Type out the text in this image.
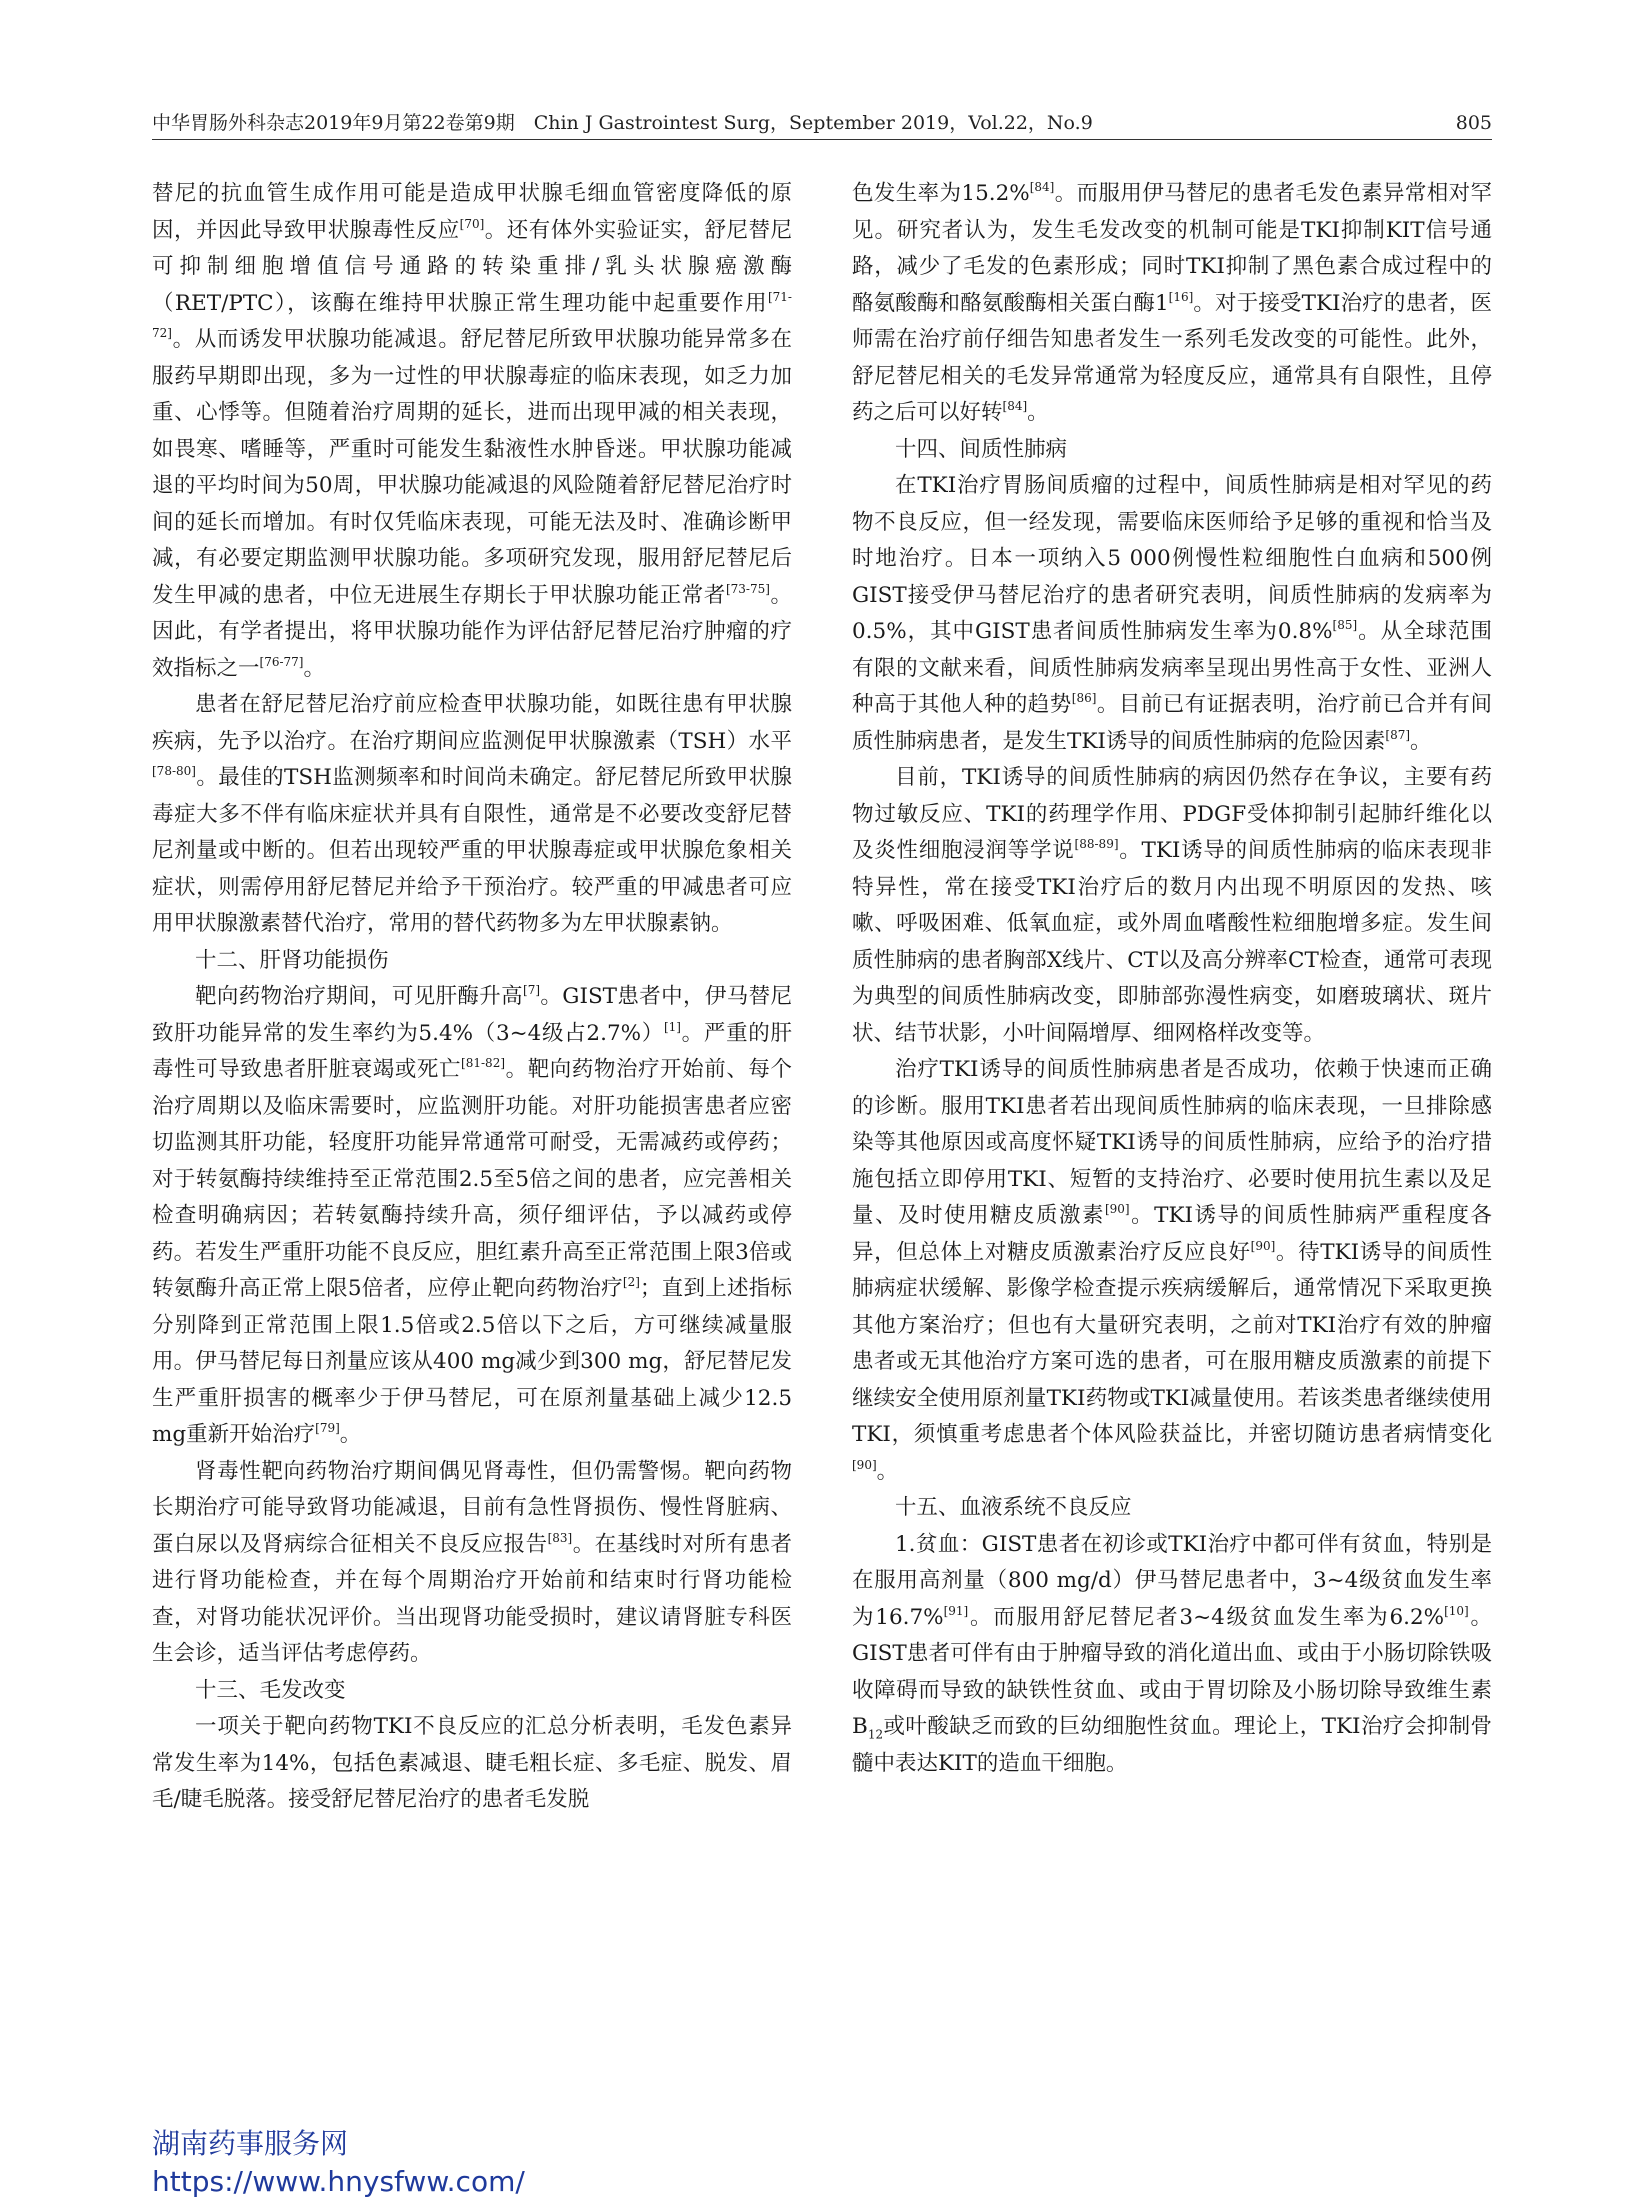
中华胃肠外科杂志2019年9月第22卷第9期　Chin J Gastrointest Surg，September 2019，Vol.22，No.9	805

替尼的抗血管生成作用可能是造成甲状腺毛细血管密度降低的原因，并因此导致甲状腺毒性反应[70]。还有体外实验证实，舒尼替尼可抑制细胞增值信号通路的转染重排/乳头状腺癌激酶（RET/PTC），该酶在维持甲状腺正常生理功能中起重要作用[71-72]。从而诱发甲状腺功能减退。舒尼替尼所致甲状腺功能异常多在服药早期即出现，多为一过性的甲状腺毒症的临床表现，如乏力加重、心悸等。但随着治疗周期的延长，进而出现甲减的相关表现，如畏寒、嗜睡等，严重时可能发生黏液性水肿昏迷。甲状腺功能减退的平均时间为50周，甲状腺功能减退的风险随着舒尼替尼治疗时间的延长而增加。有时仅凭临床表现，可能无法及时、准确诊断甲减，有必要定期监测甲状腺功能。多项研究发现，服用舒尼替尼后发生甲减的患者，中位无进展生存期长于甲状腺功能正常者[73-75]。因此，有学者提出，将甲状腺功能作为评估舒尼替尼治疗肿瘤的疗效指标之一[76-77]。

患者在舒尼替尼治疗前应检查甲状腺功能，如既往患有甲状腺疾病，先予以治疗。在治疗期间应监测促甲状腺激素（TSH）水平[78-80]。最佳的TSH监测频率和时间尚未确定。舒尼替尼所致甲状腺毒症大多不伴有临床症状并具有自限性，通常是不必要改变舒尼替尼剂量或中断的。但若出现较严重的甲状腺毒症或甲状腺危象相关症状，则需停用舒尼替尼并给予干预治疗。较严重的甲减患者可应用甲状腺激素替代治疗，常用的替代药物多为左甲状腺素钠。

十二、肝肾功能损伤

靶向药物治疗期间，可见肝酶升高[7]。GIST患者中，伊马替尼致肝功能异常的发生率约为5.4%（3~4级占2.7%）[1]。严重的肝毒性可导致患者肝脏衰竭或死亡[81-82]。靶向药物治疗开始前、每个治疗周期以及临床需要时，应监测肝功能。对肝功能损害患者应密切监测其肝功能，轻度肝功能异常通常可耐受，无需减药或停药；对于转氨酶持续维持至正常范围2.5至5倍之间的患者，应完善相关检查明确病因；若转氨酶持续升高，须仔细评估，予以减药或停药。若发生严重肝功能不良反应，胆红素升高至正常范围上限3倍或转氨酶升高正常上限5倍者，应停止靶向药物治疗[2]；直到上述指标分别降到正常范围上限1.5倍或2.5倍以下之后，方可继续减量服用。伊马替尼每日剂量应该从400 mg减少到300 mg，舒尼替尼发生严重肝损害的概率少于伊马替尼，可在原剂量基础上减少12.5 mg重新开始治疗[79]。

肾毒性靶向药物治疗期间偶见肾毒性，但仍需警惕。靶向药物长期治疗可能导致肾功能减退，目前有急性肾损伤、慢性肾脏病、蛋白尿以及肾病综合征相关不良反应报告[83]。在基线时对所有患者进行肾功能检查，并在每个周期治疗开始前和结束时行肾功能检查，对肾功能状况评价。当出现肾功能受损时，建议请肾脏专科医生会诊，适当评估考虑停药。

十三、毛发改变

一项关于靶向药物TKI不良反应的汇总分析表明，毛发色素异常发生率为14%，包括色素减退、睫毛粗长症、多毛症、脱发、眉毛/睫毛脱落。接受舒尼替尼治疗的患者毛发脱

色发生率为15.2%[84]。而服用伊马替尼的患者毛发色素异常相对罕见。研究者认为，发生毛发改变的机制可能是TKI抑制KIT信号通路，减少了毛发的色素形成；同时TKI抑制了黑色素合成过程中的酪氨酸酶和酪氨酸酶相关蛋白酶1[16]。对于接受TKI治疗的患者，医师需在治疗前仔细告知患者发生一系列毛发改变的可能性。此外，舒尼替尼相关的毛发异常通常为轻度反应，通常具有自限性，且停药之后可以好转[84]。

十四、间质性肺病

在TKI治疗胃肠间质瘤的过程中，间质性肺病是相对罕见的药物不良反应，但一经发现，需要临床医师给予足够的重视和恰当及时地治疗。日本一项纳入5 000例慢性粒细胞性白血病和500例GIST接受伊马替尼治疗的患者研究表明，间质性肺病的发病率为0.5%，其中GIST患者间质性肺病发生率为0.8%[85]。从全球范围有限的文献来看，间质性肺病发病率呈现出男性高于女性、亚洲人种高于其他人种的趋势[86]。目前已有证据表明，治疗前已合并有间质性肺病患者，是发生TKI诱导的间质性肺病的危险因素[87]。

目前，TKI诱导的间质性肺病的病因仍然存在争议，主要有药物过敏反应、TKI的药理学作用、PDGF受体抑制引起肺纤维化以及炎性细胞浸润等学说[88-89]。TKI诱导的间质性肺病的临床表现非特异性，常在接受TKI治疗后的数月内出现不明原因的发热、咳嗽、呼吸困难、低氧血症，或外周血嗜酸性粒细胞增多症。发生间质性肺病的患者胸部X线片、CT以及高分辨率CT检查，通常可表现为典型的间质性肺病改变，即肺部弥漫性病变，如磨玻璃状、斑片状、结节状影，小叶间隔增厚、细网格样改变等。

治疗TKI诱导的间质性肺病患者是否成功，依赖于快速而正确的诊断。服用TKI患者若出现间质性肺病的临床表现，一旦排除感染等其他原因或高度怀疑TKI诱导的间质性肺病，应给予的治疗措施包括立即停用TKI、短暂的支持治疗、必要时使用抗生素以及足量、及时使用糖皮质激素[90]。TKI诱导的间质性肺病严重程度各异，但总体上对糖皮质激素治疗反应良好[90]。待TKI诱导的间质性肺病症状缓解、影像学检查提示疾病缓解后，通常情况下采取更换其他方案治疗；但也有大量研究表明，之前对TKI治疗有效的肿瘤患者或无其他治疗方案可选的患者，可在服用糖皮质激素的前提下继续安全使用原剂量TKI药物或TKI减量使用。若该类患者继续使用TKI，须慎重考虑患者个体风险获益比，并密切随访患者病情变化[90]。

十五、血液系统不良反应

1.贫血：GIST患者在初诊或TKI治疗中都可伴有贫血，特别是在服用高剂量（800 mg/d）伊马替尼患者中，3~4级贫血发生率为16.7%[91]。而服用舒尼替尼者3~4级贫血发生率为6.2%[10]。GIST患者可伴有由于肿瘤导致的消化道出血、或由于小肠切除铁吸收障碍而导致的缺铁性贫血、或由于胃切除及小肠切除导致维生素$B_{12}$或叶酸缺乏而致的巨幼细胞性贫血。理论上，TKI治疗会抑制骨髓中表达KIT的造血干细胞。

湖南药事服务网
https://www.hnysfww.com/
